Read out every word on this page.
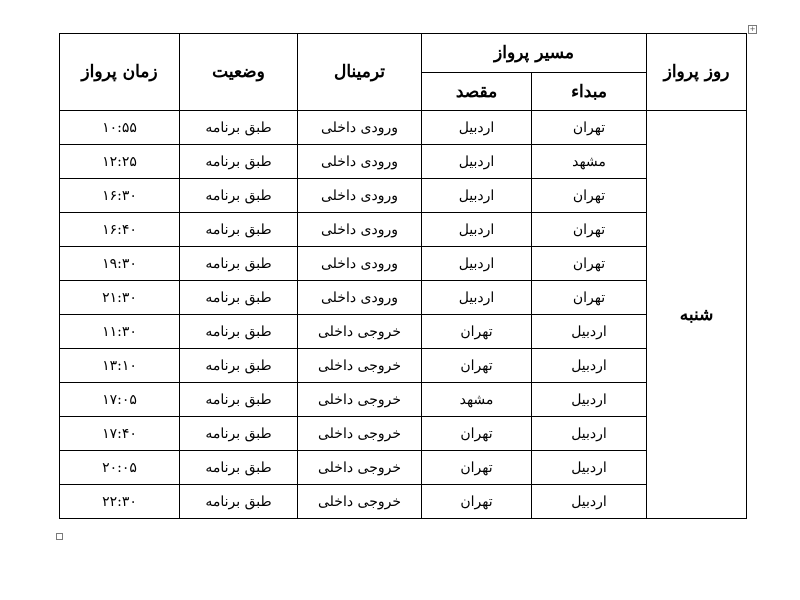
+
روز پرواز	مسیر پرواز		ترمینال	وضعیت	زمان پرواز
	مبداء	مقصد			
شنبه	تهران	اردبیل	ورودی داخلی	طبق برنامه	۱۰:۵۵
	مشهد	اردبیل	ورودی داخلی	طبق برنامه	۱۲:۲۵
	تهران	اردبیل	ورودی داخلی	طبق برنامه	۱۶:۳۰
	تهران	اردبیل	ورودی داخلی	طبق برنامه	۱۶:۴۰
	تهران	اردبیل	ورودی داخلی	طبق برنامه	۱۹:۳۰
	تهران	اردبیل	ورودی داخلی	طبق برنامه	۲۱:۳۰
	اردبیل	تهران	خروجی داخلی	طبق برنامه	۱۱:۳۰
	اردبیل	تهران	خروجی داخلی	طبق برنامه	۱۳:۱۰
	اردبیل	مشهد	خروجی داخلی	طبق برنامه	۱۷:۰۵
	اردبیل	تهران	خروجی داخلی	طبق برنامه	۱۷:۴۰
	اردبیل	تهران	خروجی داخلی	طبق برنامه	۲۰:۰۵
	اردبیل	تهران	خروجی داخلی	طبق برنامه	۲۲:۳۰
